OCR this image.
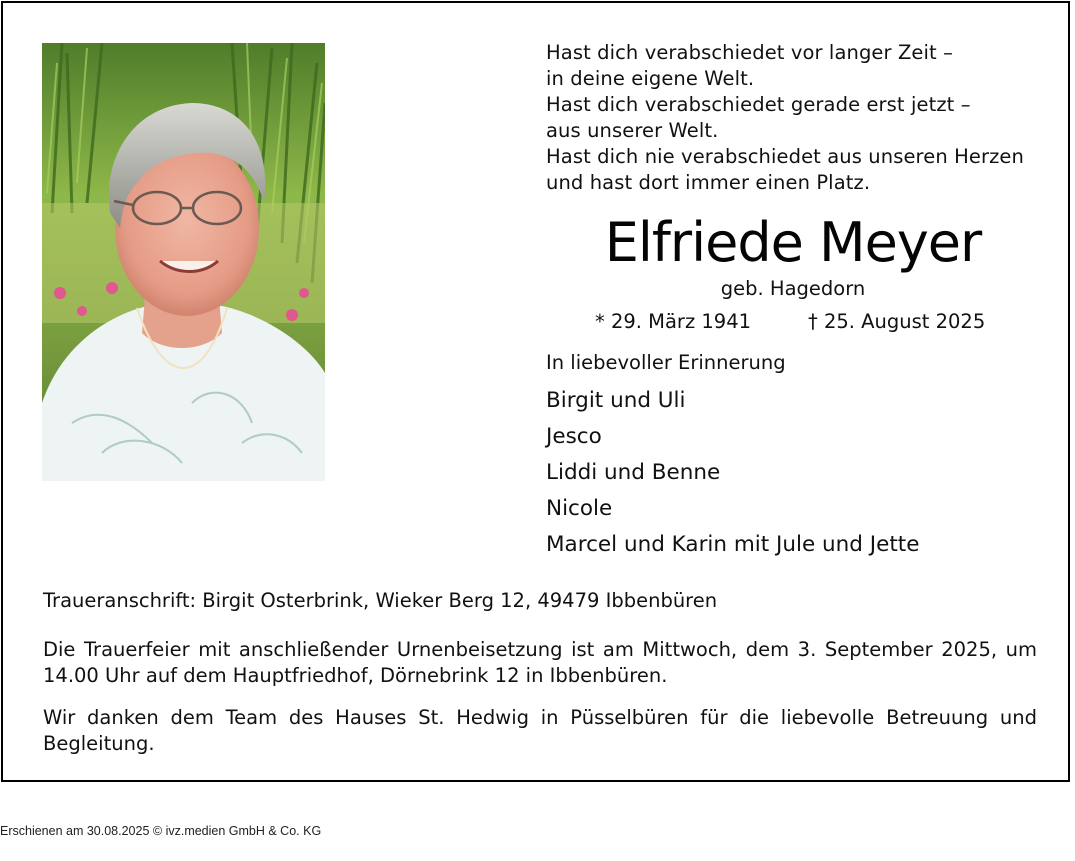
Hast dich verabschiedet vor langer Zeit –
in deine eigene Welt.
Hast dich verabschiedet gerade erst jetzt –
aus unserer Welt.
Hast dich nie verabschiedet aus unseren Herzen
und hast dort immer einen Platz.
Elfriede Meyer
geb. Hagedorn
* 29. März 1941	† 25. August 2025
In liebevoller Erinnerung
Birgit und Uli
Jesco
Liddi und Benne
Nicole
Marcel und Karin mit Jule und Jette
Traueranschrift: Birgit Osterbrink, Wieker Berg 12, 49479 Ibbenbüren
Die Trauerfeier mit anschließender Urnenbeisetzung ist am Mittwoch, dem 3. September 2025, um 14.00 Uhr auf dem Hauptfriedhof, Dörnebrink 12 in Ibbenbüren.
Wir danken dem Team des Hauses St. Hedwig in Püsselbüren für die liebevolle Betreuung und Begleitung.
Erschienen am 30.08.2025 © ivz.medien GmbH & Co. KG
